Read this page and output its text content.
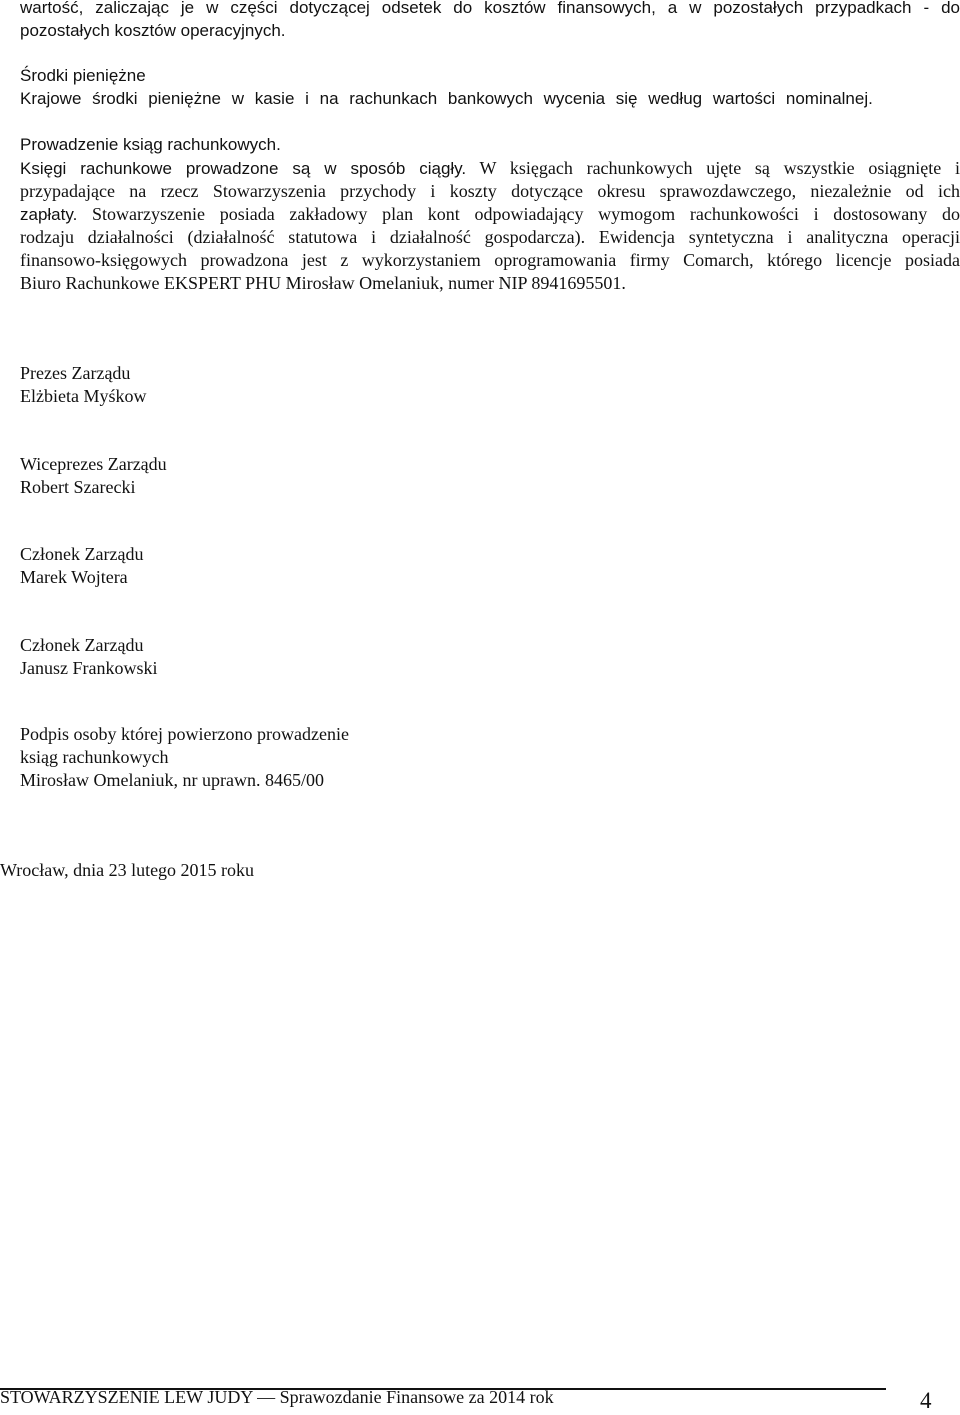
wartość, zaliczając je w części dotyczącej odsetek do kosztów finansowych, a w pozostałych przypadkach - do

pozostałych kosztów operacyjnych.

Środki pieniężne

Krajowe środki pieniężne w kasie i na rachunkach bankowych wycenia się według wartości nominalnej.

Prowadzenie ksiąg rachunkowych.

Księgi rachunkowe prowadzone są w sposób ciągły. W księgach rachunkowych ujęte są wszystkie osiągnięte i

przypadające na rzecz Stowarzyszenia przychody i koszty dotyczące okresu sprawozdawczego, niezależnie od ich

zapłaty. Stowarzyszenie posiada zakładowy plan kont odpowiadający wymogom rachunkowości i dostosowany do

rodzaju działalności (działalność statutowa i działalność gospodarcza). Ewidencja syntetyczna i analityczna operacji

finansowo-księgowych prowadzona jest z wykorzystaniem oprogramowania firmy Comarch, którego licencje posiada

Biuro Rachunkowe EKSPERT PHU Mirosław Omelaniuk, numer NIP 8941695501.

Prezes Zarządu
Elżbieta Myśkow
Wiceprezes Zarządu
Robert Szarecki
Członek Zarządu
Marek Wojtera
Członek Zarządu
Janusz Frankowski
Podpis osoby której powierzono prowadzenie
ksiąg rachunkowych
Mirosław Omelaniuk, nr uprawn. 8465/00
Wrocław, dnia 23 lutego 2015 roku
STOWARZYSZENIE LEW JUDY — Sprawozdanie Finansowe za 2014 rok	4
